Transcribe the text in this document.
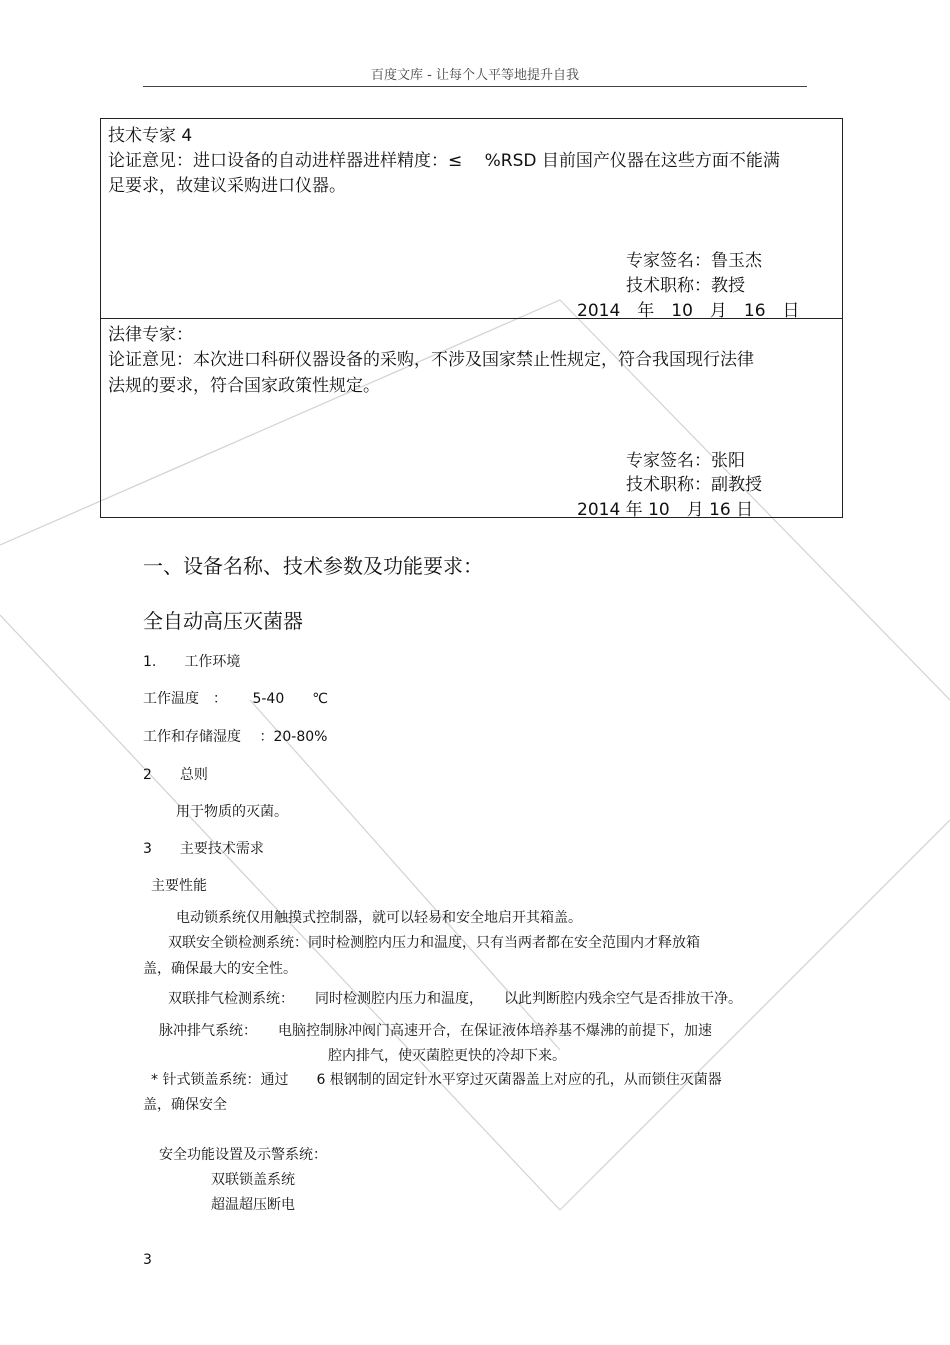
百度文库 - 让每个人平等地提升自我
技术专家 4
论证意见：进口设备的自动进样器进样精度：≤　 %RSD 目前国产仪器在这些方面不能满
足要求，故建议采购进口仪器。
专家签名：鲁玉杰
技术职称：教授
2014　年　10　月　16　日
法律专家：
论证意见：本次进口科研仪器设备的采购，不涉及国家禁止性规定，符合我国现行法律
法规的要求，符合国家政策性规定。
专家签名：张阳
技术职称：副教授
2014 年 10　月 16 日
一、设备名称、技术参数及功能要求：
全自动高压灭菌器
1.　　工作环境
工作温度　：　　 5-40　　℃
工作和存储湿度　 ：20-80%
2　　总则
用于物质的灭菌。
3　　主要技术需求
主要性能
电动锁系统仅用触摸式控制器，就可以轻易和安全地启开其箱盖。
双联安全锁检测系统：同时检测腔内压力和温度，只有当两者都在安全范围内才释放箱
盖，确保最大的安全性。
双联排气检测系统：　　同时检测腔内压力和温度，　　以此判断腔内残余空气是否排放干净。
脉冲排气系统：　　电脑控制脉冲阀门高速开合，在保证液体培养基不爆沸的前提下，加速
腔内排气，使灭菌腔更快的冷却下来。
* 针式锁盖系统：通过　　6 根钢制的固定针水平穿过灭菌器盖上对应的孔，从而锁住灭菌器
盖，确保安全
安全功能设置及示警系统：
双联锁盖系统
超温超压断电
3
